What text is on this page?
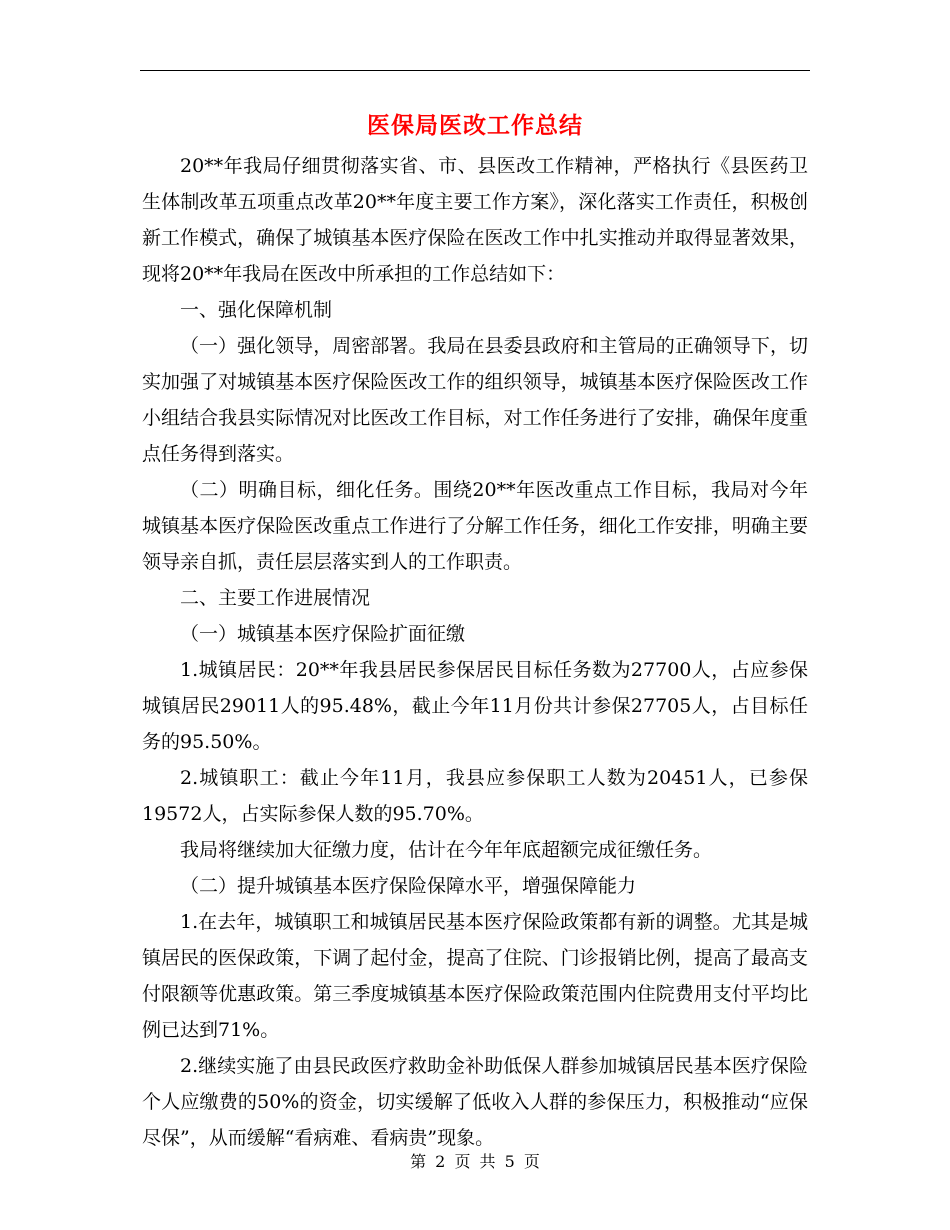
医保局医改工作总结

20**年我局仔细贯彻落实省、市、县医改工作精神，严格执行《县医药卫生体制改革五项重点改革20**年度主要工作方案》，深化落实工作责任，积极创新工作模式，确保了城镇基本医疗保险在医改工作中扎实推动并取得显著效果，现将20**年我局在医改中所承担的工作总结如下：

一、强化保障机制

（一）强化领导，周密部署。我局在县委县政府和主管局的正确领导下，切实加强了对城镇基本医疗保险医改工作的组织领导，城镇基本医疗保险医改工作小组结合我县实际情况对比医改工作目标，对工作任务进行了安排，确保年度重点任务得到落实。

（二）明确目标，细化任务。围绕20**年医改重点工作目标，我局对今年城镇基本医疗保险医改重点工作进行了分解工作任务，细化工作安排，明确主要领导亲自抓，责任层层落实到人的工作职责。

二、主要工作进展情况

（一）城镇基本医疗保险扩面征缴

1.城镇居民：20**年我县居民参保居民目标任务数为27700人，占应参保城镇居民29011人的95.48%，截止今年11月份共计参保27705人，占目标任务的95.50%。

2.城镇职工：截止今年11月，我县应参保职工人数为20451人，已参保19572人，占实际参保人数的95.70%。

我局将继续加大征缴力度，估计在今年年底超额完成征缴任务。

（二）提升城镇基本医疗保险保障水平，增强保障能力

1.在去年，城镇职工和城镇居民基本医疗保险政策都有新的调整。尤其是城镇居民的医保政策，下调了起付金，提高了住院、门诊报销比例，提高了最高支付限额等优惠政策。第三季度城镇基本医疗保险政策范围内住院费用支付平均比例已达到71%。

2.继续实施了由县民政医疗救助金补助低保人群参加城镇居民基本医疗保险个人应缴费的50%的资金，切实缓解了低收入人群的参保压力，积极推动“应保尽保”，从而缓解“看病难、看病贵”现象。

第 2 页 共 5 页
